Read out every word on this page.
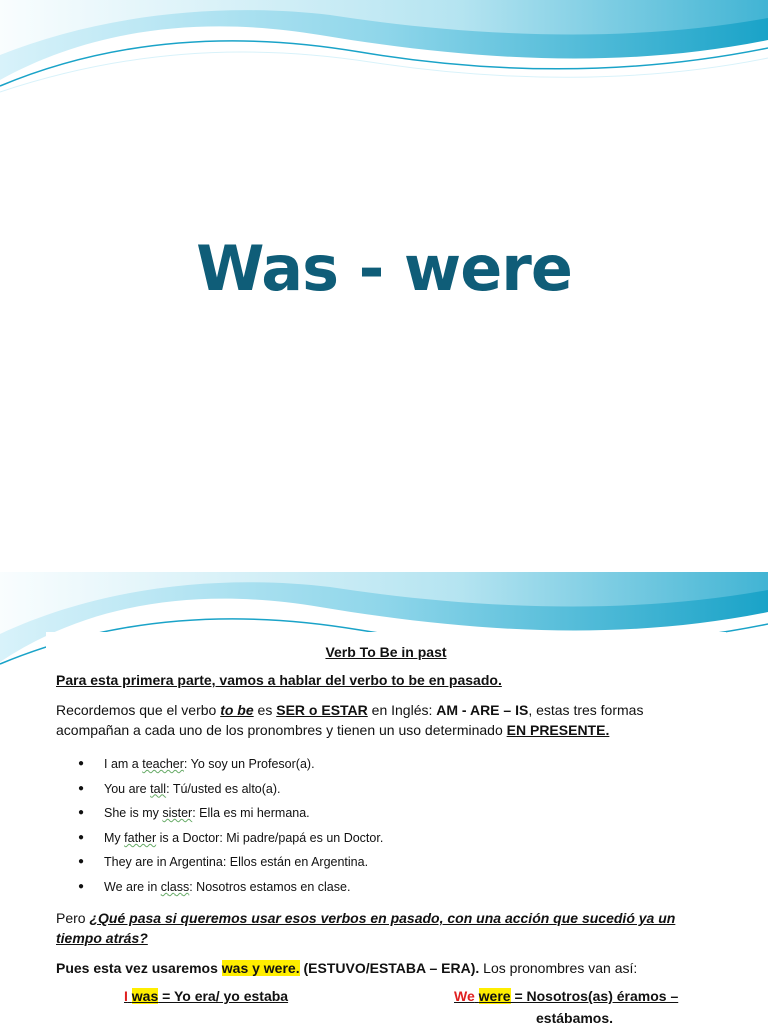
Was - were
Verb To Be in past
Para esta primera parte, vamos a hablar del verbo to be en pasado.
Recordemos que el verbo to be es SER o ESTAR en Inglés: AM - ARE – IS, estas tres formas acompañan a cada uno de los pronombres y tienen un uso determinado EN PRESENTE.
● I am a teacher: Yo soy un Profesor(a).
● You are tall: Tú/usted es alto(a).
● She is my sister: Ella es mi hermana.
● My father is a Doctor: Mi padre/papá es un Doctor.
● They are in Argentina: Ellos están en Argentina.
● We are in class: Nosotros estamos en clase.
Pero ¿Qué pasa si queremos usar esos verbos en pasado, con una acción que sucedió ya un tiempo atrás?
Pues esta vez usaremos was y were. (ESTUVO/ESTABA – ERA). Los pronombres van así:
I was = Yo era/ yo estaba	We were = Nosotros(as) éramos –
estábamos.
